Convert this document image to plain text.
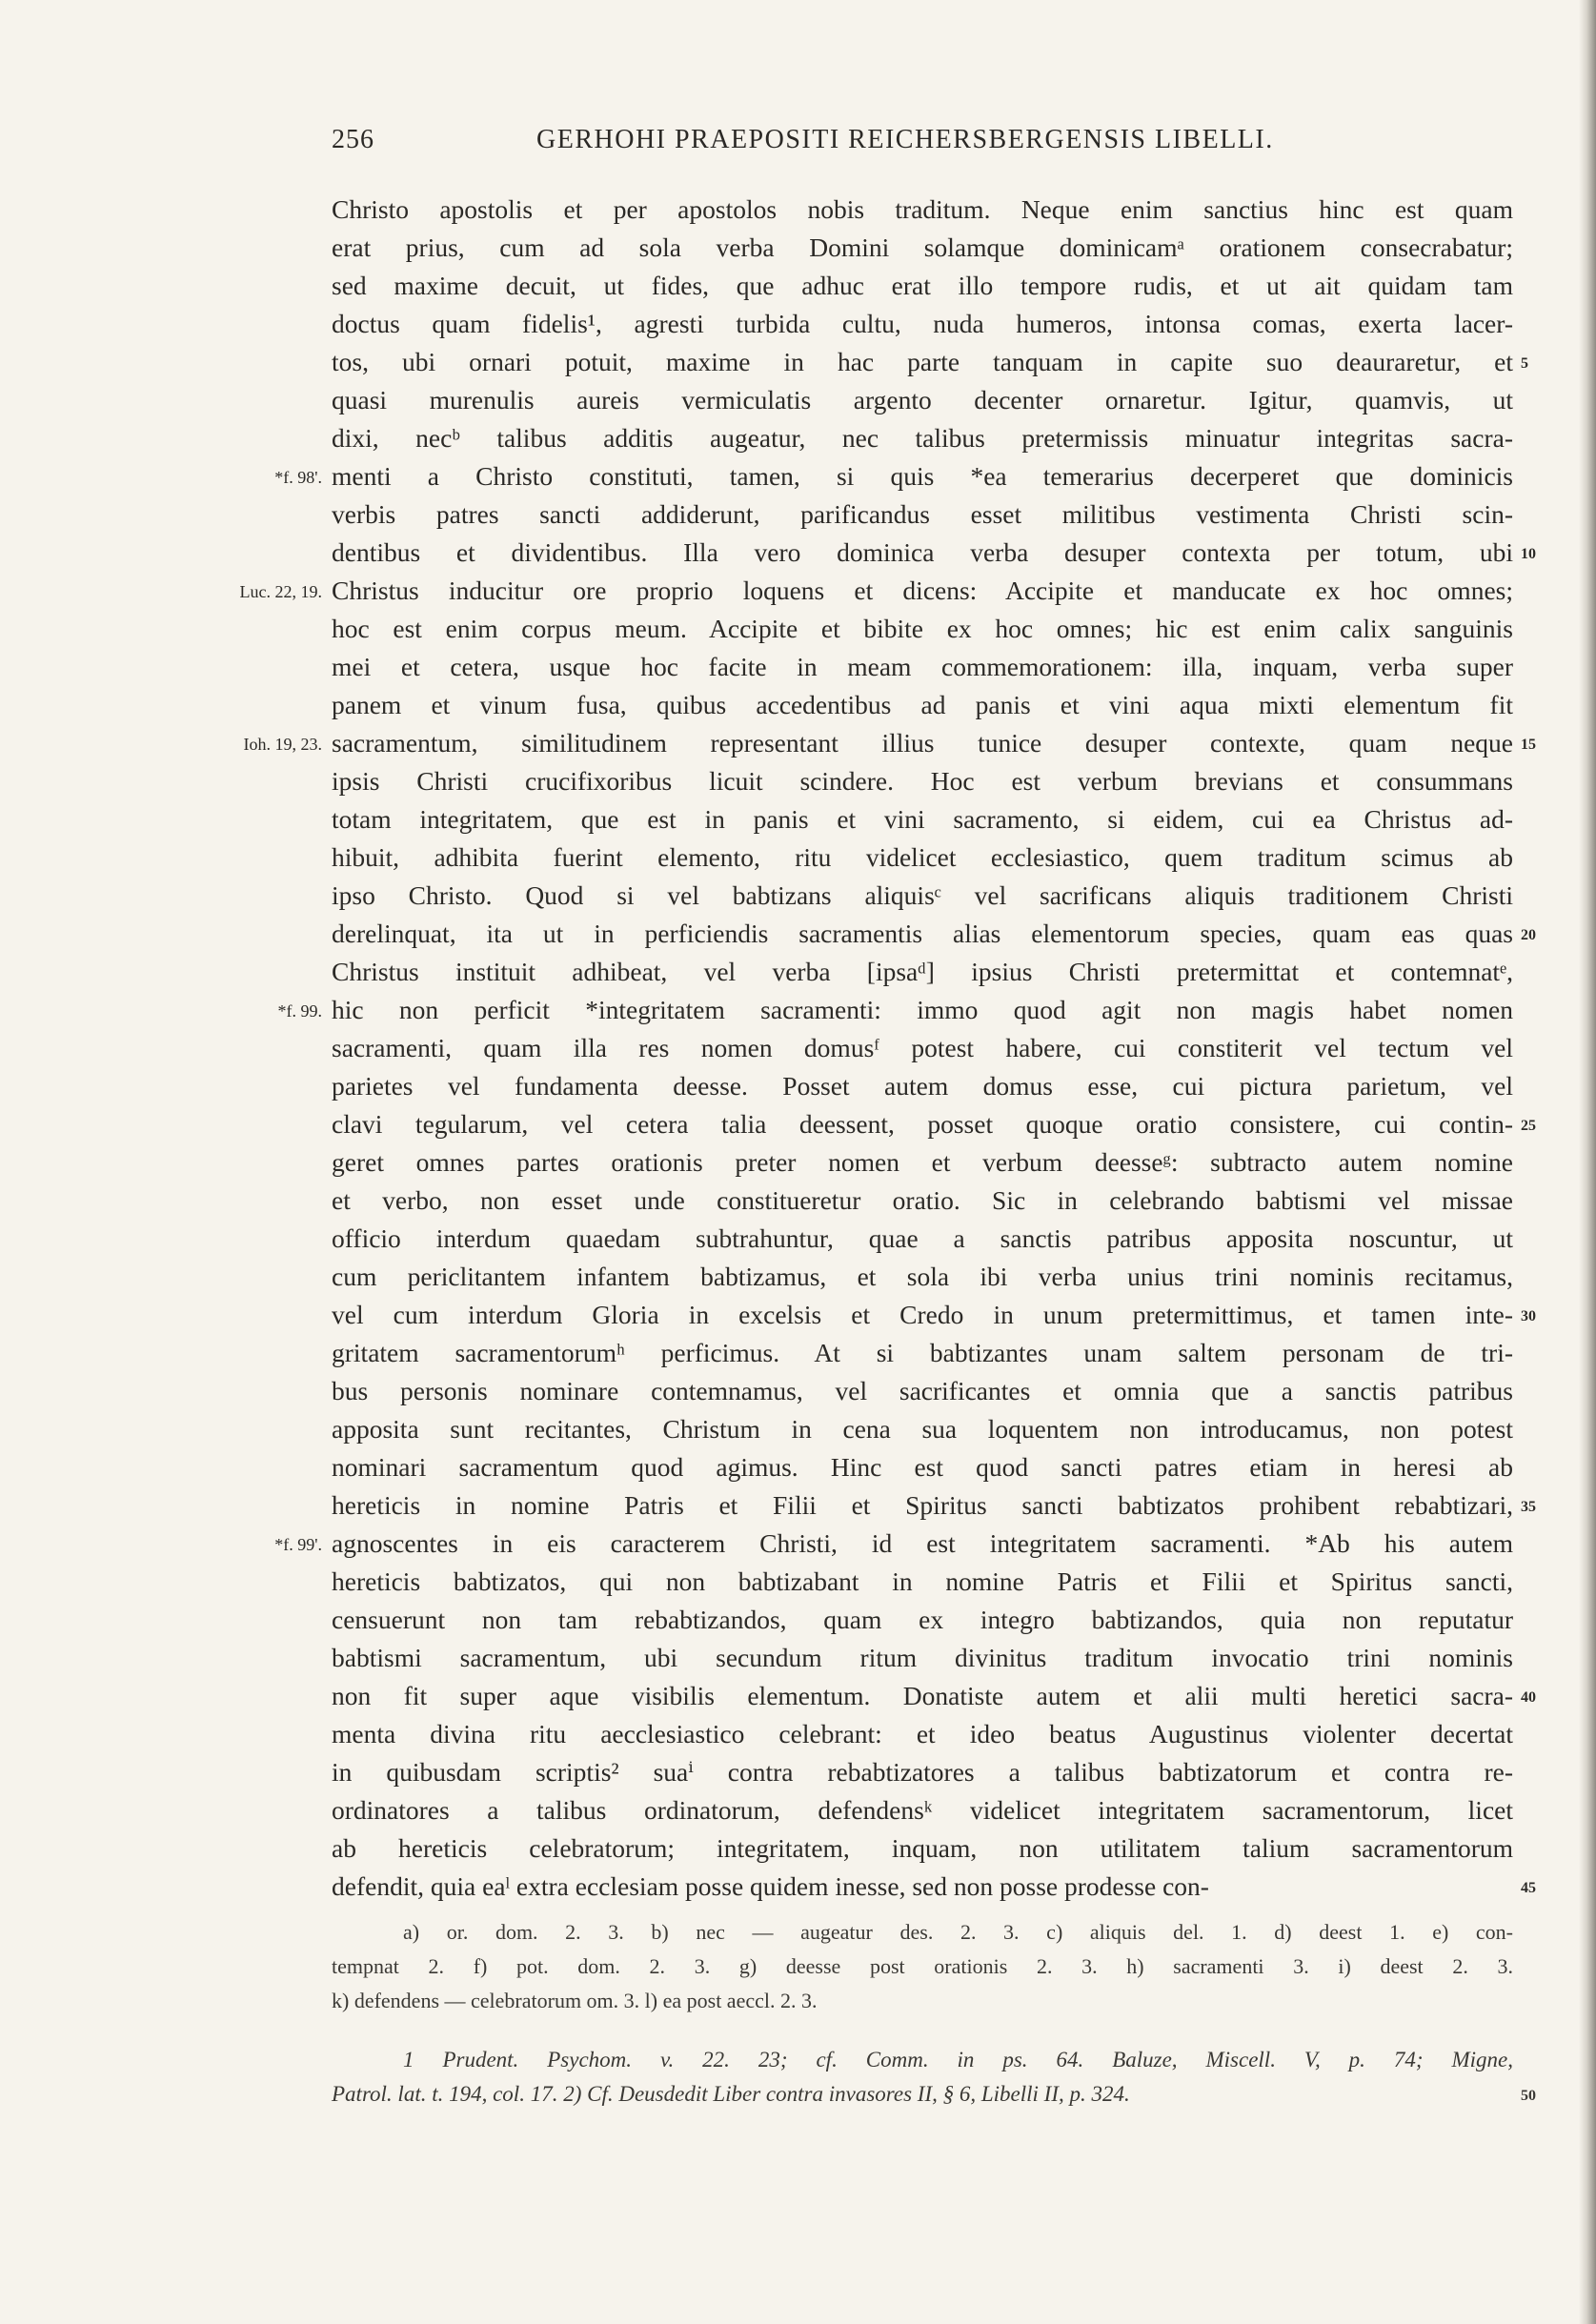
256	GERHOHI PRAEPOSITI REICHERSBERGENSIS LIBELLI.
Christo apostolis et per apostolos nobis traditum. Neque enim sanctius hinc est quam
erat prius, cum ad sola verba Domini solamque dominicamᵃ orationem consecrabatur;
sed maxime decuit, ut fides, que adhuc erat illo tempore rudis, et ut ait quidam tam
doctus quam fidelis¹, agresti turbida cultu, nuda humeros, intonsa comas, exerta lacer-
tos, ubi ornari potuit, maxime in hac parte tanquam in capite suo deauraretur, et 5
quasi murenulis aureis vermiculatis argento decenter ornaretur. Igitur, quamvis, ut
dixi, necᵇ talibus additis augeatur, nec talibus pretermissis minuatur integritas sacra-
menti a Christo constituti, tamen, si quis *ea temerarius decerperet que dominicis
*f. 98'.
verbis patres sancti addiderunt, parificandus esset militibus vestimenta Christi scin-
dentibus et dividentibus. Illa vero dominica verba desuper contexta per totum, ubi 10
Christus inducitur ore proprio loquens et dicens: Accipite et manducate ex hoc omnes;
Luc. 22, 19.
hoc est enim corpus meum. Accipite et bibite ex hoc omnes; hic est enim calix sanguinis
mei et cetera, usque hoc facite in meam commemorationem: illa, inquam, verba super
panem et vinum fusa, quibus accedentibus ad panis et vini aqua mixti elementum fit
sacramentum, similitudinem representant illius tunice desuper contexte, quam neque
Ioh. 19, 23.	15
ipsis Christi crucifixoribus licuit scindere. Hoc est verbum brevians et consummans
totam integritatem, que est in panis et vini sacramento, si eidem, cui ea Christus ad-
hibuit, adhibita fuerint elemento, ritu videlicet ecclesiastico, quem traditum scimus ab
ipso Christo. Quod si vel babtizans aliquisᶜ vel sacrificans aliquis traditionem Christi
derelinquat, ita ut in perficiendis sacramentis alias elementorum species, quam eas quas 20
Christus instituit adhibeat, vel verba [ipsaᵈ] ipsius Christi pretermittat et contemnatᵉ,
hic non perficit *integritatem sacramenti: immo quod agit non magis habet nomen
*f. 99.
sacramenti, quam illa res nomen domusᶠ potest habere, cui constiterit vel tectum vel
parietes vel fundamenta deesse. Posset autem domus esse, cui pictura parietum, vel
clavi tegularum, vel cetera talia deessent, posset quoque oratio consistere, cui contin- 25
geret omnes partes orationis preter nomen et verbum deesseᵍ: subtracto autem nomine
et verbo, non esset unde constitueretur oratio. Sic in celebrando babtismi vel missae
officio interdum quaedam subtrahuntur, quae a sanctis patribus apposita noscuntur, ut
cum periclitantem infantem babtizamus, et sola ibi verba unius trini nominis recitamus,
vel cum interdum Gloria in excelsis et Credo in unum pretermittimus, et tamen inte- 30
gritatem sacramentorumʰ perficimus. At si babtizantes unam saltem personam de tri-
bus personis nominare contemnamus, vel sacrificantes et omnia que a sanctis patribus
apposita sunt recitantes, Christum in cena sua loquentem non introducamus, non potest
nominari sacramentum quod agimus. Hinc est quod sancti patres etiam in heresi ab
hereticis in nomine Patris et Filii et Spiritus sancti babtizatos prohibent rebabtizari, 35
agnoscentes in eis caracterem Christi, id est integritatem sacramenti. *Ab his autem
*f. 99'.
hereticis babtizatos, qui non babtizabant in nomine Patris et Filii et Spiritus sancti,
censuerunt non tam rebabtizandos, quam ex integro babtizandos, quia non reputatur
babtismi sacramentum, ubi secundum ritum divinitus traditum invocatio trini nominis
non fit super aque visibilis elementum. Donatiste autem et alii multi heretici sacra- 40
menta divina ritu aecclesiastico celebrant: et ideo beatus Augustinus violenter decertat
in quibusdam scriptis² suaⁱ contra rebabtizatores a talibus babtizatorum et contra re-
ordinatores a talibus ordinatorum, defendensᵏ videlicet integritatem sacramentorum, licet
ab hereticis celebratorum; integritatem, inquam, non utilitatem talium sacramentorum
defendit, quia eaˡ extra ecclesiam posse quidem inesse, sed non posse prodesse con-	45
a) or. dom. 2. 3. b) nec — augeatur des. 2. 3. c) aliquis del. 1. d) deest 1. e) con-
tempnat 2. f) pot. dom. 2. 3. g) deesse post orationis 2. 3. h) sacramenti 3. i) deest 2. 3.
k) defendens — celebratorum om. 3. l) ea post aeccl. 2. 3.
1 Prudent. Psychom. v. 22. 23; cf. Comm. in ps. 64. Baluze, Miscell. V, p. 74; Migne,
Patrol. lat. t. 194, col. 17. 2) Cf. Deusdedit Liber contra invasores II, § 6, Libelli II, p. 324.	50
